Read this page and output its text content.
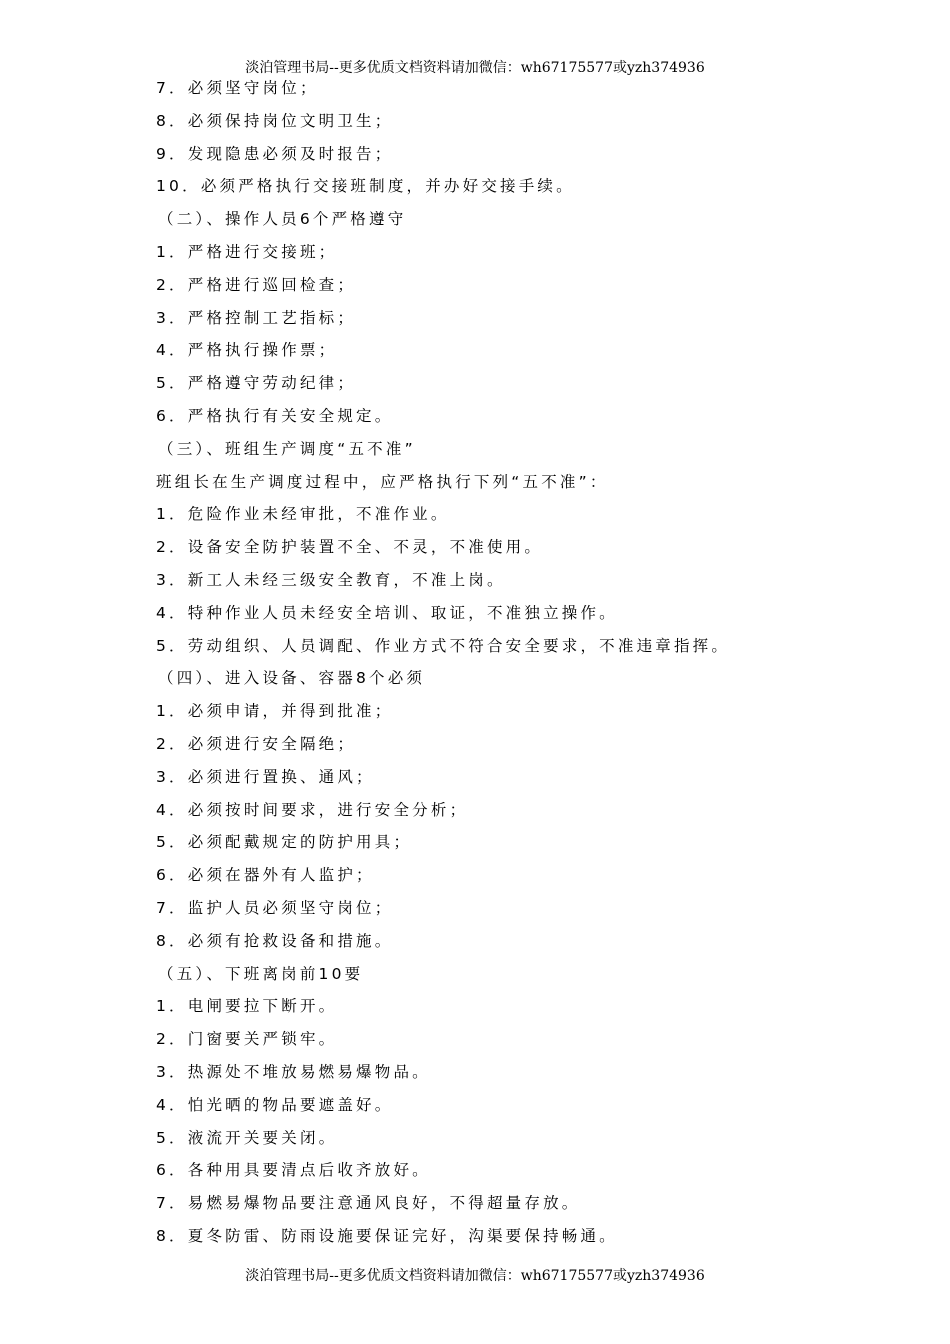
淡泊管理书局--更多优质文档资料请加微信：wh67175577或yzh374936
7．必须坚守岗位；
8．必须保持岗位文明卫生；
9．发现隐患必须及时报告；
10．必须严格执行交接班制度，并办好交接手续。
（二）、操作人员6个严格遵守
1．严格进行交接班；
2．严格进行巡回检查；
3．严格控制工艺指标；
4．严格执行操作票；
5．严格遵守劳动纪律；
6．严格执行有关安全规定。
（三）、班组生产调度“五不准”
班组长在生产调度过程中，应严格执行下列“五不准”：
1．危险作业未经审批，不准作业。
2．设备安全防护装置不全、不灵，不准使用。
3．新工人未经三级安全教育，不准上岗。
4．特种作业人员未经安全培训、取证，不准独立操作。
5．劳动组织、人员调配、作业方式不符合安全要求，不准违章指挥。
（四）、进入设备、容器8个必须
1．必须申请，并得到批准；
2．必须进行安全隔绝；
3．必须进行置换、通风；
4．必须按时间要求，进行安全分析；
5．必须配戴规定的防护用具；
6．必须在器外有人监护；
7．监护人员必须坚守岗位；
8．必须有抢救设备和措施。
（五）、下班离岗前10要
1．电闸要拉下断开。
2．门窗要关严锁牢。
3．热源处不堆放易燃易爆物品。
4．怕光晒的物品要遮盖好。
5．液流开关要关闭。
6．各种用具要清点后收齐放好。
7．易燃易爆物品要注意通风良好，不得超量存放。
8．夏冬防雷、防雨设施要保证完好，沟渠要保持畅通。
淡泊管理书局--更多优质文档资料请加微信：wh67175577或yzh374936
